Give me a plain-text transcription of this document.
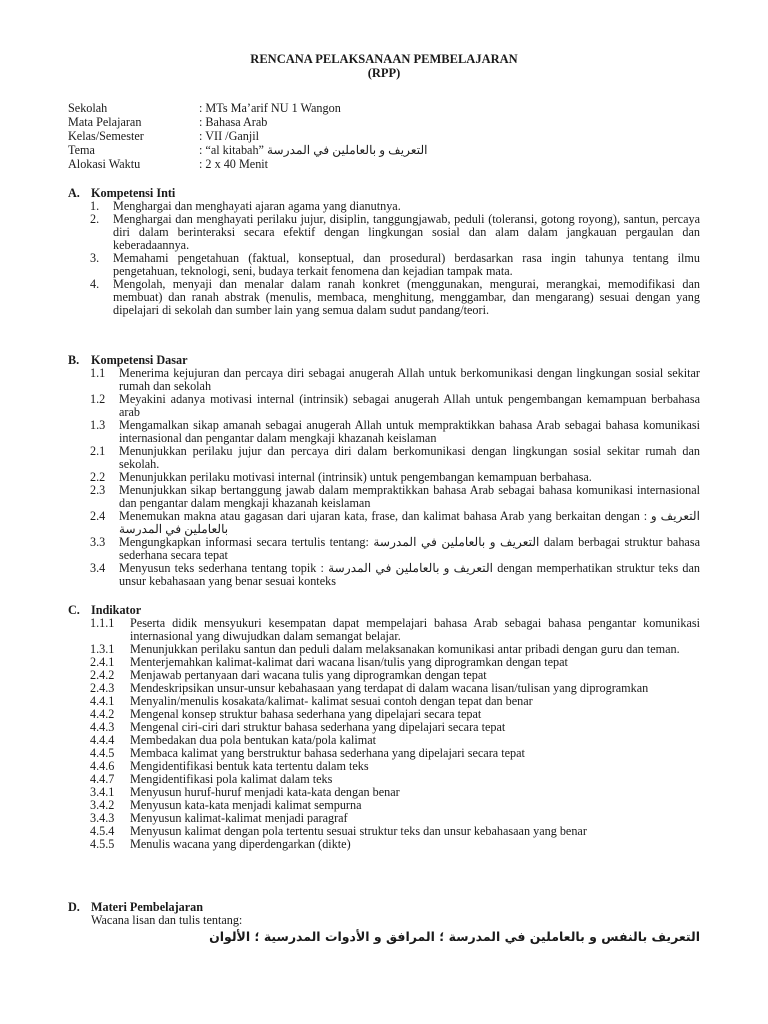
RENCANA PELAKSANAAN PEMBELAJARAN
(RPP)
Sekolah	: MTs Ma’arif NU 1 Wangon
Mata Pelajaran	: Bahasa Arab
Kelas/Semester	: VII /Ganjil
Tema	: “al kitabah” التعريف و بالعاملين في المدرسة
Alokasi Waktu	: 2 x 40 Menit
A. Kompetensi Inti
1.	Menghargai dan menghayati ajaran agama yang dianutnya.
2.	Menghargai dan menghayati perilaku jujur, disiplin, tanggungjawab, peduli (toleransi, gotong royong), santun, percaya diri dalam berinteraksi secara efektif dengan lingkungan sosial dan alam dalam jangkauan pergaulan dan keberadaannya.
3.	Memahami pengetahuan (faktual, konseptual, dan prosedural) berdasarkan rasa ingin tahunya tentang ilmu pengetahuan, teknologi, seni, budaya terkait fenomena dan kejadian tampak mata.
4.	Mengolah, menyaji dan menalar dalam ranah konkret (menggunakan, mengurai, merangkai, memodifikasi dan membuat) dan ranah abstrak (menulis, membaca, menghitung, menggambar, dan mengarang) sesuai dengan yang dipelajari di sekolah dan sumber lain yang semua dalam sudut pandang/teori.
B. Kompetensi Dasar
1.1	Menerima kejujuran dan percaya diri sebagai anugerah Allah untuk berkomunikasi dengan lingkungan sosial sekitar rumah dan sekolah
1.2	Meyakini adanya motivasi internal (intrinsik) sebagai anugerah Allah untuk pengembangan kemampuan berbahasa arab
1.3	Mengamalkan sikap amanah sebagai anugerah Allah untuk mempraktikkan bahasa Arab sebagai bahasa komunikasi internasional dan pengantar dalam mengkaji khazanah keislaman
2.1	Menunjukkan perilaku jujur dan percaya diri dalam berkomunikasi dengan lingkungan sosial sekitar rumah dan sekolah.
2.2	Menunjukkan perilaku motivasi internal (intrinsik) untuk pengembangan kemampuan berbahasa.
2.3	Menunjukkan sikap bertanggung jawab dalam mempraktikkan bahasa Arab sebagai bahasa komunikasi internasional dan pengantar dalam mengkaji khazanah keislaman
2.4	Menemukan makna atau gagasan dari ujaran kata, frase, dan kalimat bahasa Arab yang berkaitan dengan : التعريف و بالعاملين في المدرسة
3.3	Mengungkapkan informasi secara tertulis tentang: التعريف و بالعاملين في المدرسة dalam berbagai struktur bahasa sederhana secara tepat
3.4	Menyusun teks sederhana tentang topik : التعريف و بالعاملين في المدرسة dengan memperhatikan struktur teks dan unsur kebahasaan yang benar sesuai konteks
C. Indikator
1.1.1	Peserta didik mensyukuri kesempatan dapat mempelajari bahasa Arab sebagai bahasa pengantar komunikasi internasional yang diwujudkan dalam semangat belajar.
1.3.1	Menunjukkan perilaku santun dan peduli dalam melaksanakan komunikasi antar pribadi dengan guru dan teman.
2.4.1	Menterjemahkan kalimat-kalimat dari wacana lisan/tulis yang diprogramkan dengan tepat
2.4.2	Menjawab pertanyaan dari wacana tulis yang diprogramkan dengan tepat
2.4.3	Mendeskripsikan unsur-unsur kebahasaan yang terdapat di dalam wacana lisan/tulisan yang diprogramkan
4.4.1	Menyalin/menulis kosakata/kalimat- kalimat sesuai contoh dengan tepat dan benar
4.4.2	Mengenal konsep struktur bahasa sederhana yang dipelajari secara tepat
4.4.3	Mengenal ciri-ciri dari struktur bahasa sederhana yang dipelajari secara tepat
4.4.4	Membedakan dua pola bentukan kata/pola kalimat
4.4.5	Membaca kalimat yang berstruktur bahasa sederhana yang dipelajari secara tepat
4.4.6	Mengidentifikasi bentuk kata tertentu dalam teks
4.4.7	Mengidentifikasi pola kalimat dalam teks
3.4.1	Menyusun huruf-huruf menjadi kata-kata dengan benar
3.4.2	Menyusun kata-kata menjadi kalimat sempurna
3.4.3	Menyusun kalimat-kalimat menjadi paragraf
4.5.4	Menyusun kalimat dengan pola tertentu sesuai struktur teks dan unsur kebahasaan yang benar
4.5.5	Menulis wacana yang diperdengarkan (dikte)
D. Materi Pembelajaran
Wacana lisan dan tulis tentang:
التعريف بالنفس و بالعاملين في المدرسة ؛ المرافق و الأدوات المدرسية ؛ الألوان
